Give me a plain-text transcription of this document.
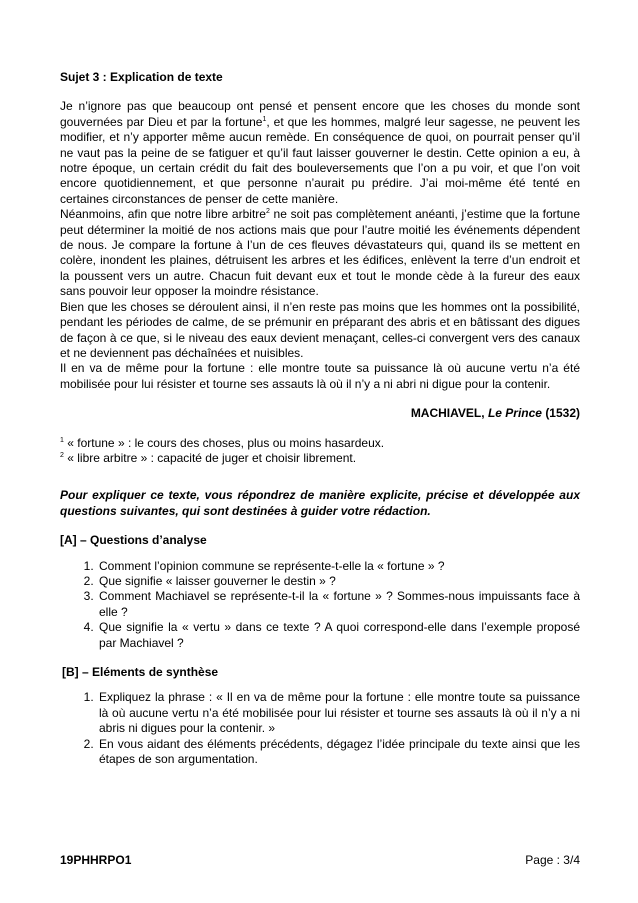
Sujet 3 : Explication de texte

Je n’ignore pas que beaucoup ont pensé et pensent encore que les choses du monde sont gouvernées par Dieu et par la fortune$^1$, et que les hommes, malgré leur sagesse, ne peuvent les modifier, et n’y apporter même aucun remède. En conséquence de quoi, on pourrait penser qu’il ne vaut pas la peine de se fatiguer et qu’il faut laisser gouverner le destin. Cette opinion a eu, à notre époque, un certain crédit du fait des bouleversements que l’on a pu voir, et que l’on voit encore quotidiennement, et que personne n’aurait pu prédire. J’ai moi-même été tenté en certaines circonstances de penser de cette manière.

Néanmoins, afin que notre libre arbitre$^2$ ne soit pas complètement anéanti, j’estime que la fortune peut déterminer la moitié de nos actions mais que pour l’autre moitié les événements dépendent de nous. Je compare la fortune à l’un de ces fleuves dévastateurs qui, quand ils se mettent en colère, inondent les plaines, détruisent les arbres et les édifices, enlèvent la terre d’un endroit et la poussent vers un autre. Chacun fuit devant eux et tout le monde cède à la fureur des eaux sans pouvoir leur opposer la moindre résistance.

Bien que les choses se déroulent ainsi, il n’en reste pas moins que les hommes ont la possibilité, pendant les périodes de calme, de se prémunir en préparant des abris et en bâtissant des digues de façon à ce que, si le niveau des eaux devient menaçant, celles-ci convergent vers des canaux et ne deviennent pas déchaînées et nuisibles.

Il en va de même pour la fortune : elle montre toute sa puissance là où aucune vertu n’a été mobilisée pour lui résister et tourne ses assauts là où il n’y a ni abri ni digue pour la contenir.

MACHIAVEL, Le Prince (1532)

$^1$ « fortune » : le cours des choses, plus ou moins hasardeux.

$^2$ « libre arbitre » : capacité de juger et choisir librement.

Pour expliquer ce texte, vous répondrez de manière explicite, précise et développée aux questions suivantes, qui sont destinées à guider votre rédaction.

[A] – Questions d’analyse

1. Comment l’opinion commune se représente-t-elle la « fortune » ?
2. Que signifie « laisser gouverner le destin » ?
3. Comment Machiavel se représente-t-il la « fortune » ? Sommes-nous impuissants face à elle ?
4. Que signifie la « vertu » dans ce texte ? A quoi correspond-elle dans l’exemple proposé par Machiavel ?

[B] – Eléments de synthèse

1. Expliquez la phrase : « Il en va de même pour la fortune : elle montre toute sa puissance là où aucune vertu n’a été mobilisée pour lui résister et tourne ses assauts là où il n’y a ni abris ni digues pour la contenir. »
2. En vous aidant des éléments précédents, dégagez l’idée principale du texte ainsi que les étapes de son argumentation.
19PHHRPO1	Page : 3/4
